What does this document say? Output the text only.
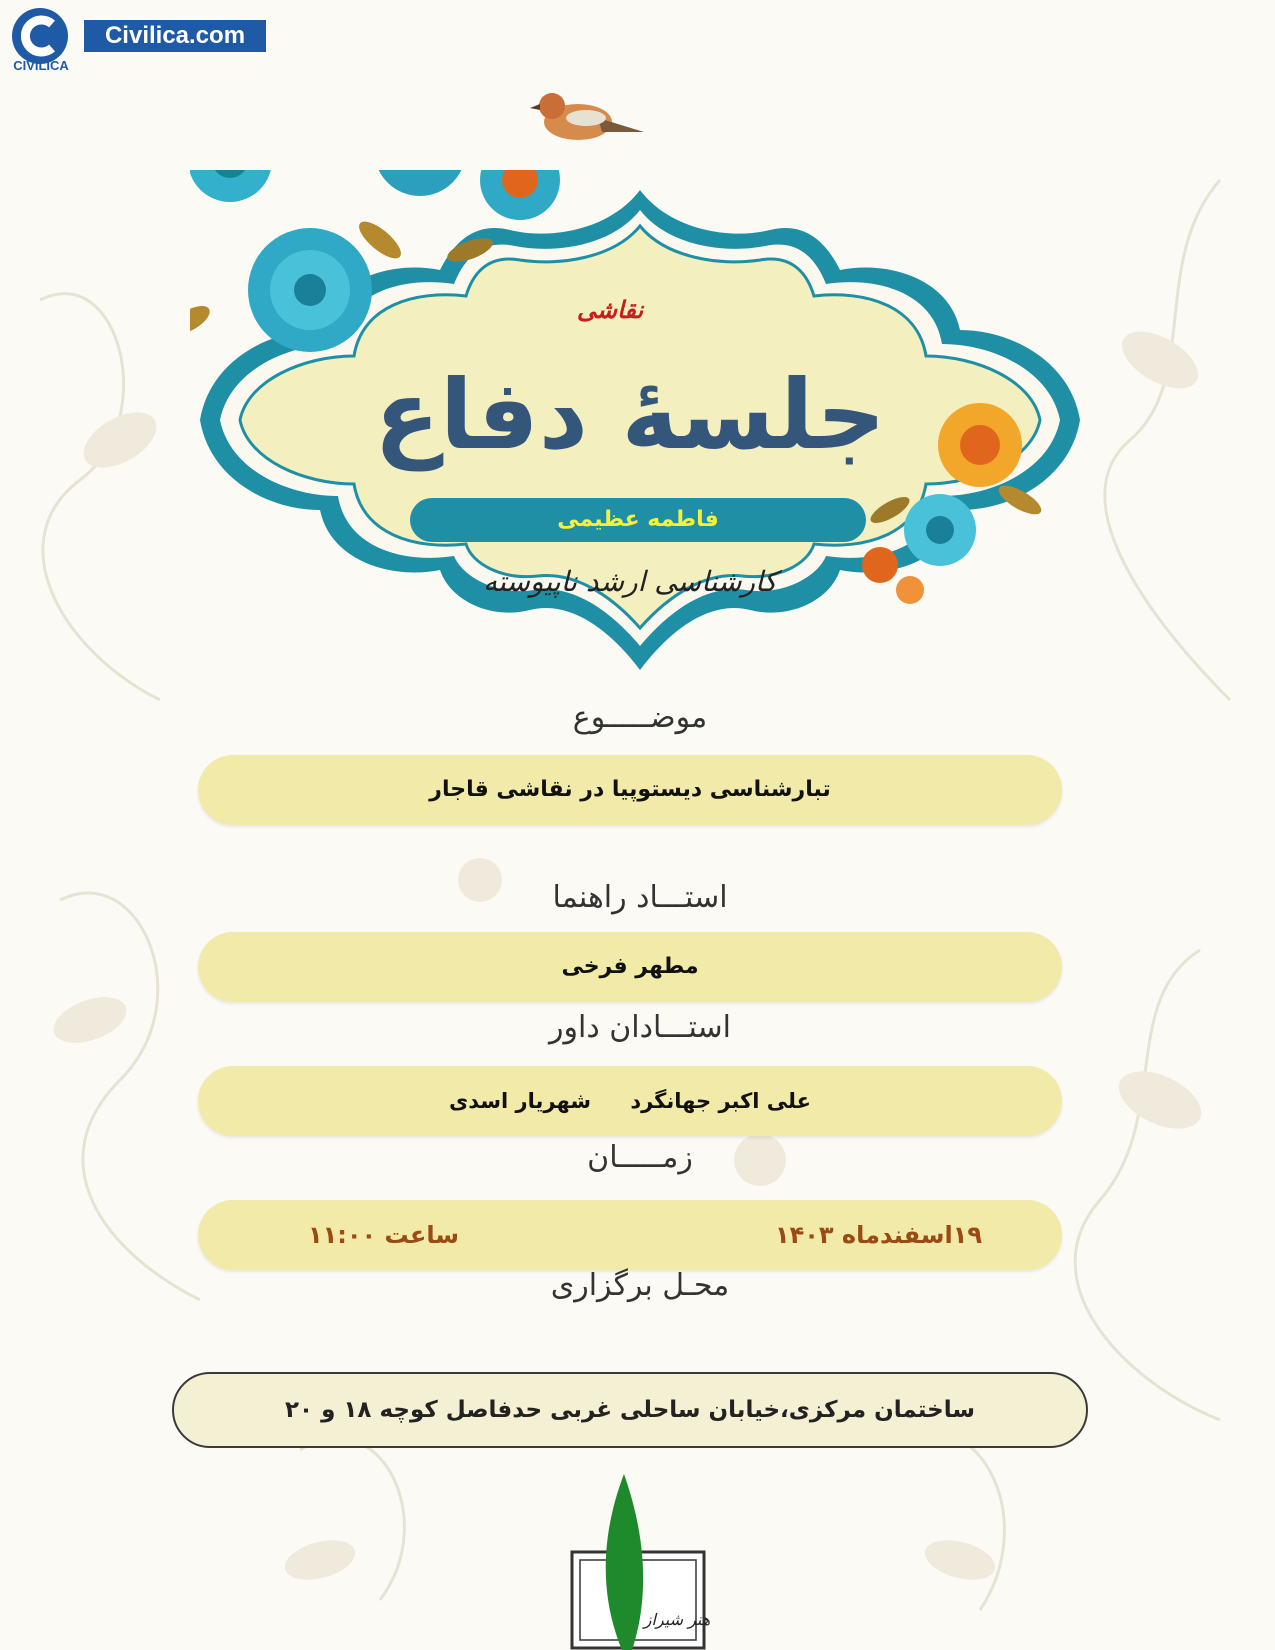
Civilica.com
CIVILICA
نقاشی
جلسهٔ دفاع
فاطمه عظیمی
کارشناسی ارشد ناپیوسته
موضـــــوع
تبارشناسی دیستوپیا در نقاشی قاجار
استـــاد راهنما
مطهر فرخی
استـــادان داور
علی اکبر جهانگرد شهریار اسدی
زمـــــان
۱۹اسفندماه ۱۴۰۳
ساعت ۱۱:۰۰
محـل برگزاری
ساختمان مرکزی،خیابان ساحلی غربی حدفاصل کوچه ۱۸ و ۲۰
هنر شیراز
